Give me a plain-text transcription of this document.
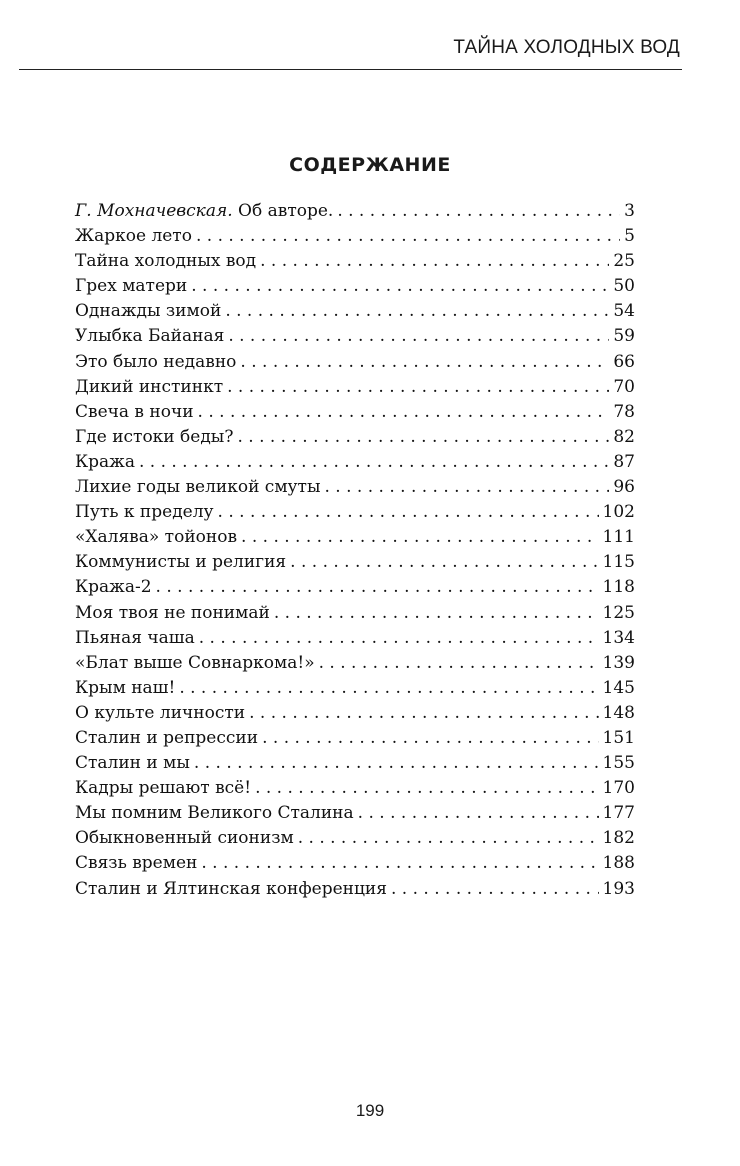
ТАЙНА ХОЛОДНЫХ ВОД
СОДЕРЖАНИЕ
Г. Мохначевская. Об авторе. . . .	3
Жаркое лето . . .	5
Тайна холодных вод . . .	25
Грех матери . . .	50
Однажды зимой . . .	54
Улыбка Байаная . . .	59
Это было недавно . . .	66
Дикий инстинкт . . .	70
Свеча в ночи . . .	78
Где истоки беды? . . .	82
Кража . . .	87
Лихие годы великой смуты . . .	96
Путь к пределу . . .	102
«Халява» тойонов . . .	111
Коммунисты и религия . . .	115
Кража-2 . . .	118
Моя твоя не понимай . . .	125
Пьяная чаша . . .	134
«Блат выше Совнаркома!» . . .	139
Крым наш! . . .	145
О культе личности . . .	148
Сталин и репрессии . . .	151
Сталин и мы . . .	155
Кадры решают всё! . . .	170
Мы помним Великого Сталина . . .	177
Обыкновенный сионизм . . .	182
Связь времен . . .	188
Сталин и Ялтинская конференция . . .	193
199
